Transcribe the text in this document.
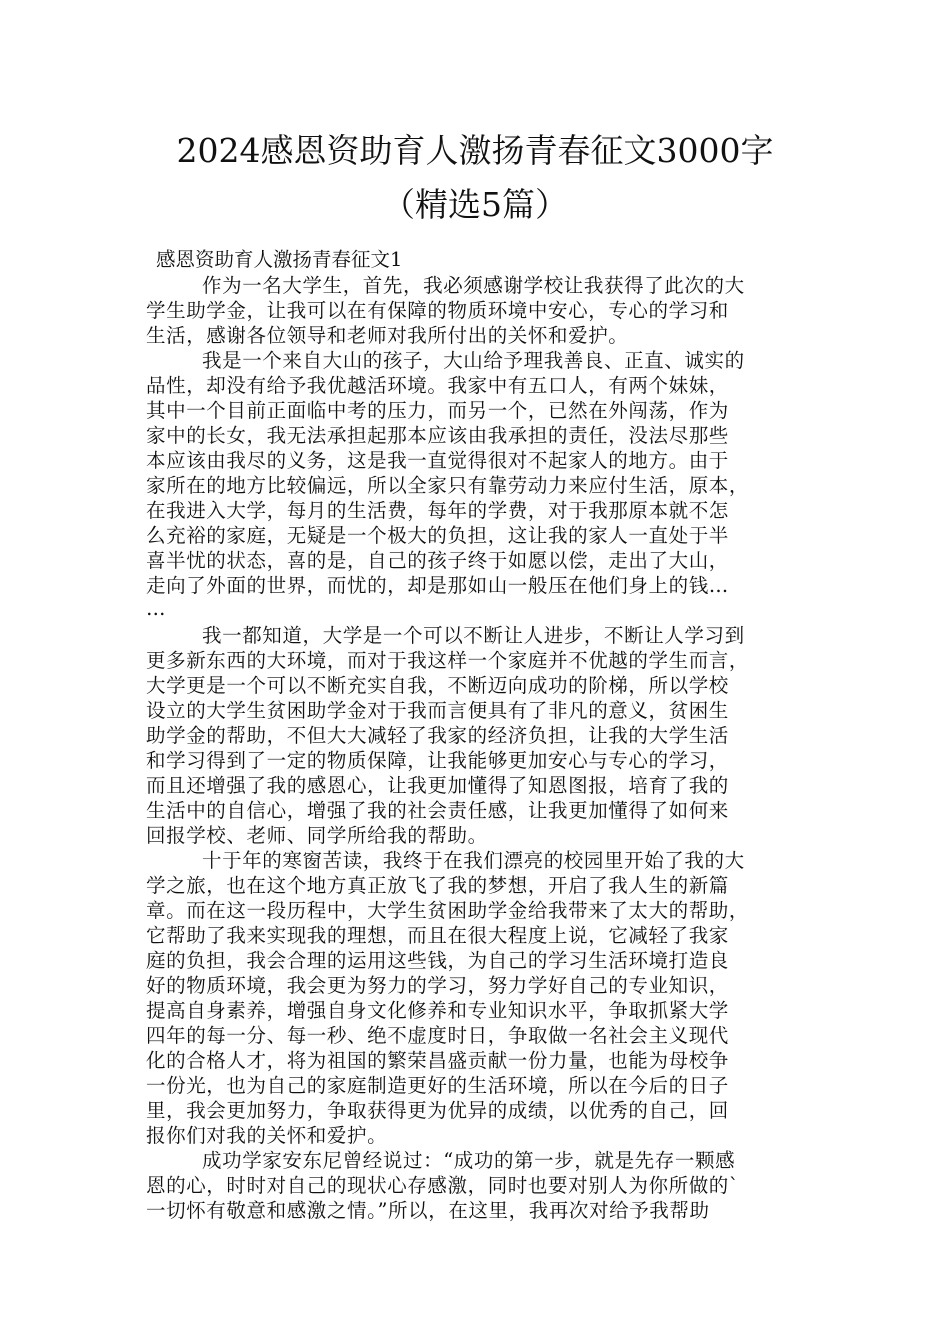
2024感恩资助育人激扬青春征文3000字
（精选5篇）
感恩资助育人激扬青春征文1
作为一名大学生，首先，我必须感谢学校让我获得了此次的大
学生助学金，让我可以在有保障的物质环境中安心，专心的学习和
生活，感谢各位领导和老师对我所付出的关怀和爱护。
我是一个来自大山的孩子，大山给予理我善良、正直、诚实的
品性，却没有给予我优越活环境。我家中有五口人，有两个妹妹，
其中一个目前正面临中考的压力，而另一个，已然在外闯荡，作为
家中的长女，我无法承担起那本应该由我承担的责任，没法尽那些
本应该由我尽的义务，这是我一直觉得很对不起家人的地方。由于
家所在的地方比较偏远，所以全家只有靠劳动力来应付生活，原本，
在我进入大学，每月的生活费，每年的学费，对于我那原本就不怎
么充裕的家庭，无疑是一个极大的负担，这让我的家人一直处于半
喜半忧的状态，喜的是，自己的孩子终于如愿以偿，走出了大山，
走向了外面的世界，而忧的，却是那如山一般压在他们身上的钱…
…
我一都知道，大学是一个可以不断让人进步，不断让人学习到
更多新东西的大环境，而对于我这样一个家庭并不优越的学生而言，
大学更是一个可以不断充实自我，不断迈向成功的阶梯，所以学校
设立的大学生贫困助学金对于我而言便具有了非凡的意义，贫困生
助学金的帮助，不但大大减轻了我家的经济负担，让我的大学生活
和学习得到了一定的物质保障，让我能够更加安心与专心的学习，
而且还增强了我的感恩心，让我更加懂得了知恩图报，培育了我的
生活中的自信心，增强了我的社会责任感，让我更加懂得了如何来
回报学校、老师、同学所给我的帮助。
十于年的寒窗苦读，我终于在我们漂亮的校园里开始了我的大
学之旅，也在这个地方真正放飞了我的梦想，开启了我人生的新篇
章。而在这一段历程中，大学生贫困助学金给我带来了太大的帮助，
它帮助了我来实现我的理想，而且在很大程度上说，它减轻了我家
庭的负担，我会合理的运用这些钱，为自己的学习生活环境打造良
好的物质环境，我会更为努力的学习，努力学好自己的专业知识，
提高自身素养，增强自身文化修养和专业知识水平，争取抓紧大学
四年的每一分、每一秒、绝不虚度时日，争取做一名社会主义现代
化的合格人才，将为祖国的繁荣昌盛贡献一份力量，也能为母校争
一份光，也为自己的家庭制造更好的生活环境，所以在今后的日子
里，我会更加努力，争取获得更为优异的成绩，以优秀的自己，回
报你们对我的关怀和爱护。
成功学家安东尼曾经说过：“成功的第一步，就是先存一颗感
恩的心，时时对自己的现状心存感激，同时也要对别人为你所做的`
一切怀有敬意和感激之情。”所以，在这里，我再次对给予我帮助
